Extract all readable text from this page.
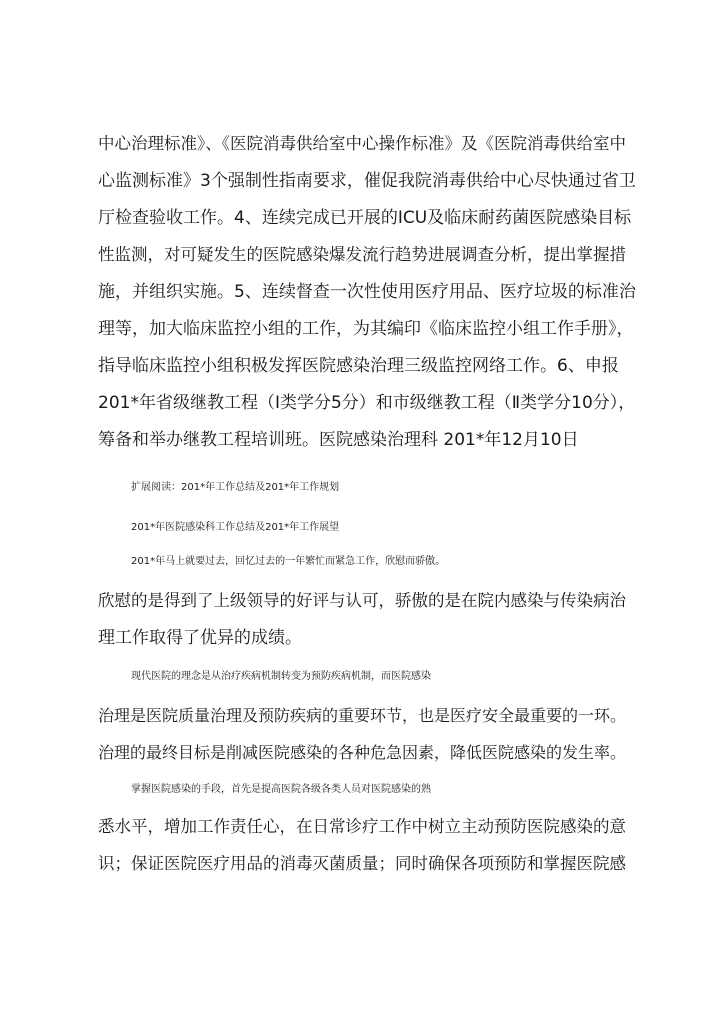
中心治理标准》、《医院消毒供给室中心操作标准》及《医院消毒供给室中
心监测标准》3个强制性指南要求，催促我院消毒供给中心尽快通过省卫
厅检查验收工作。4、连续完成已开展的ICU及临床耐药菌医院感染目标
性监测，对可疑发生的医院感染爆发流行趋势进展调查分析，提出掌握措
施，并组织实施。5、连续督查一次性使用医疗用品、医疗垃圾的标准治
理等，加大临床监控小组的工作，为其编印《临床监控小组工作手册》，
指导临床监控小组积极发挥医院感染治理三级监控网络工作。6、申报
201*年省级继教工程（Ⅰ类学分5分）和市级继教工程（Ⅱ类学分10分），
筹备和举办继教工程培训班。医院感染治理科 201*年12月10日
扩展阅读：201*年工作总结及201*年工作规划
201*年医院感染科工作总结及201*年工作展望
201*年马上就要过去，回忆过去的一年繁忙而紧急工作，欣慰而骄傲。
欣慰的是得到了上级领导的好评与认可，骄傲的是在院内感染与传染病治
理工作取得了优异的成绩。
现代医院的理念是从治疗疾病机制转变为预防疾病机制，而医院感染
治理是医院质量治理及预防疾病的重要环节，也是医疗安全最重要的一环。
治理的最终目标是削减医院感染的各种危急因素，降低医院感染的发生率。
掌握医院感染的手段，首先是提高医院各级各类人员对医院感染的熟
悉水平，增加工作责任心，在日常诊疗工作中树立主动预防医院感染的意
识；保证医院医疗用品的消毒灭菌质量；同时确保各项预防和掌握医院感
